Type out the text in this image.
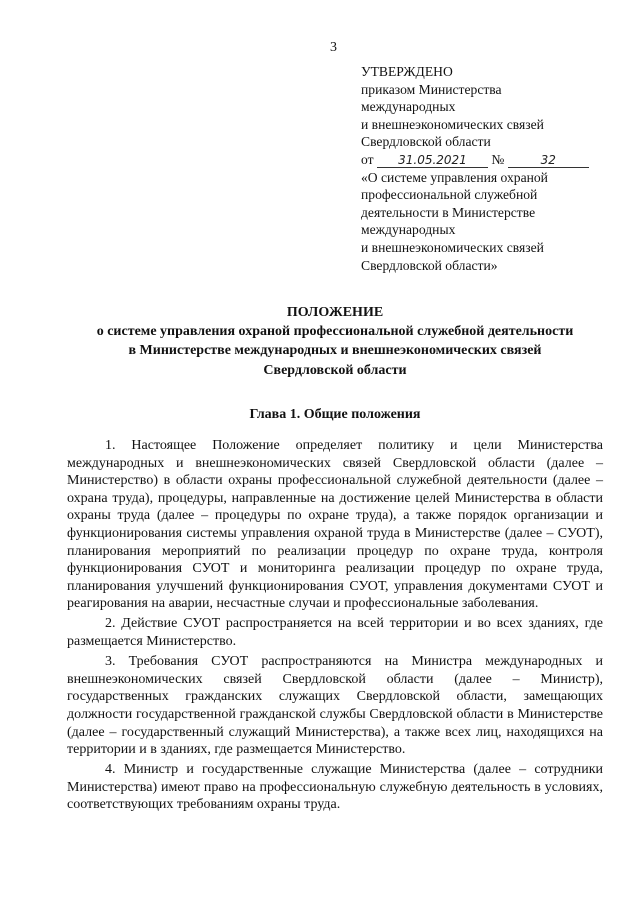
3
УТВЕРЖДЕНО
приказом Министерства
международных
и внешнеэкономических связей
Свердловской области
от 31.05.2021 №	32
«О системе управления охраной
профессиональной служебной
деятельности в Министерстве
международных
и внешнеэкономических связей
Свердловской области»
ПОЛОЖЕНИЕ
о системе управления охраной профессиональной служебной деятельности
в Министерстве международных и внешнеэкономических связей
Свердловской области
Глава 1. Общие положения

1. Настоящее Положение определяет политику и цели Министерства международных и внешнеэкономических связей Свердловской области (далее – Министерство) в области охраны профессиональной служебной деятельности (далее – охрана труда), процедуры, направленные на достижение целей Министерства в области охраны труда (далее – процедуры по охране труда), а также порядок организации и функционирования системы управления охраной труда в Министерстве (далее – СУОТ), планирования мероприятий по реализации процедур по охране труда, контроля функционирования СУОТ и мониторинга реализации процедур по охране труда, планирования улучшений функционирования СУОТ, управления документами СУОТ и реагирования на аварии, несчастные случаи и профессиональные заболевания.

2. Действие СУОТ распространяется на всей территории и во всех зданиях, где размещается Министерство.

3. Требования СУОТ распространяются на Министра международных и внешнеэкономических связей Свердловской области (далее – Министр), государственных гражданских служащих Свердловской области, замещающих должности государственной гражданской службы Свердловской области в Министерстве (далее – государственный служащий Министерства), а также всех лиц, находящихся на территории и в зданиях, где размещается Министерство.

4. Министр и государственные служащие Министерства (далее – сотрудники Министерства) имеют право на профессиональную служебную деятельность в условиях, соответствующих требованиям охраны труда.
